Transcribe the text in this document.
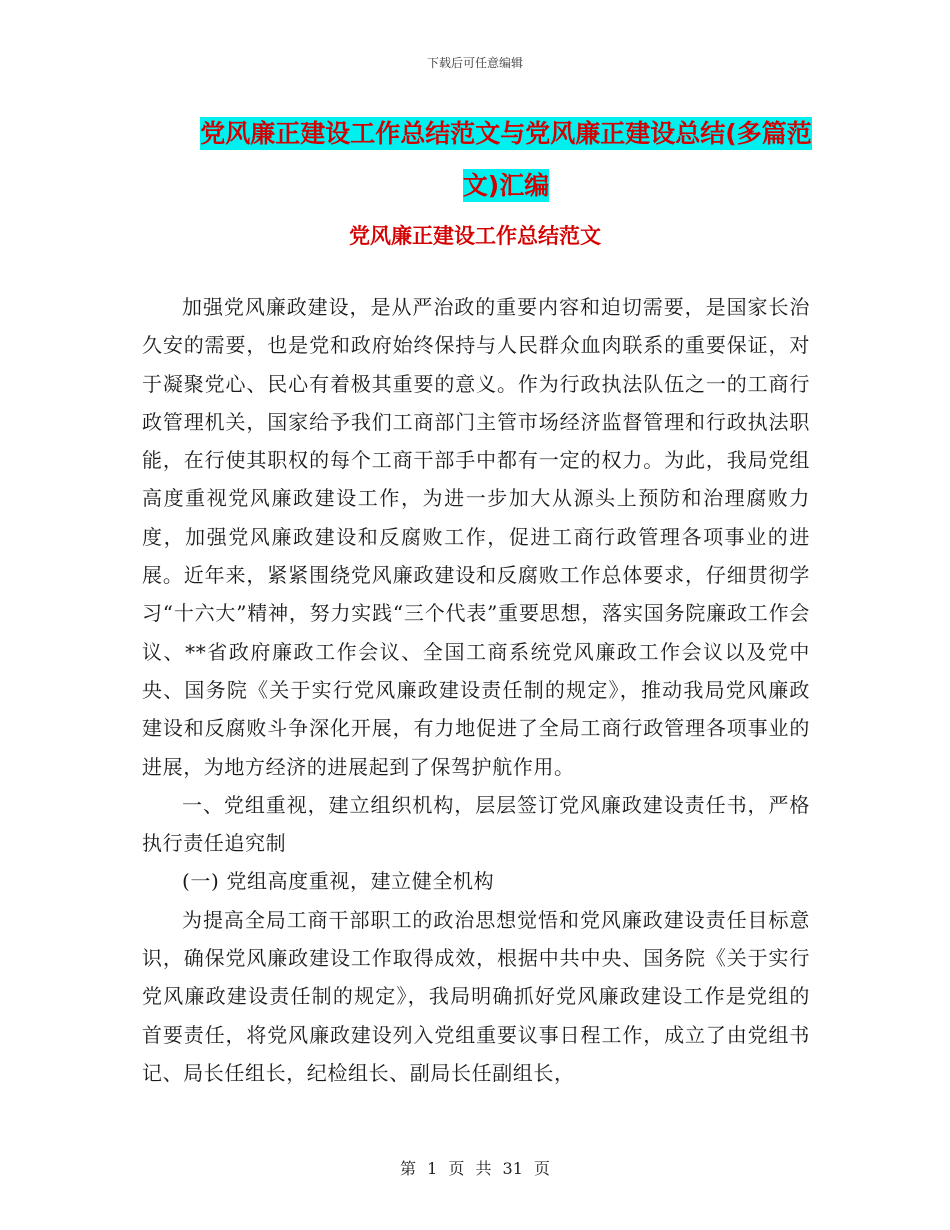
下载后可任意编辑
党风廉正建设工作总结范文与党风廉正建设总结(多篇范文)汇编
党风廉正建设工作总结范文

加强党风廉政建设，是从严治政的重要内容和迫切需要，是国家长治久安的需要，也是党和政府始终保持与人民群众血肉联系的重要保证，对于凝聚党心、民心有着极其重要的意义。作为行政执法队伍之一的工商行政管理机关，国家给予我们工商部门主管市场经济监督管理和行政执法职能，在行使其职权的每个工商干部手中都有一定的权力。为此，我局党组高度重视党风廉政建设工作，为进一步加大从源头上预防和治理腐败力度，加强党风廉政建设和反腐败工作，促进工商行政管理各项事业的进展。近年来，紧紧围绕党风廉政建设和反腐败工作总体要求，仔细贯彻学习“十六大”精神，努力实践“三个代表”重要思想，落实国务院廉政工作会议、**省政府廉政工作会议、全国工商系统党风廉政工作会议以及党中央、国务院《关于实行党风廉政建设责任制的规定》，推动我局党风廉政建设和反腐败斗争深化开展，有力地促进了全局工商行政管理各项事业的进展，为地方经济的进展起到了保驾护航作用。

一、党组重视，建立组织机构，层层签订党风廉政建设责任书，严格执行责任追究制

(一) 党组高度重视，建立健全机构

为提高全局工商干部职工的政治思想觉悟和党风廉政建设责任目标意识，确保党风廉政建设工作取得成效，根据中共中央、国务院《关于实行党风廉政建设责任制的规定》，我局明确抓好党风廉政建设工作是党组的首要责任，将党风廉政建设列入党组重要议事日程工作，成立了由党组书记、局长任组长，纪检组长、副局长任副组长，

第 1 页 共 31 页
